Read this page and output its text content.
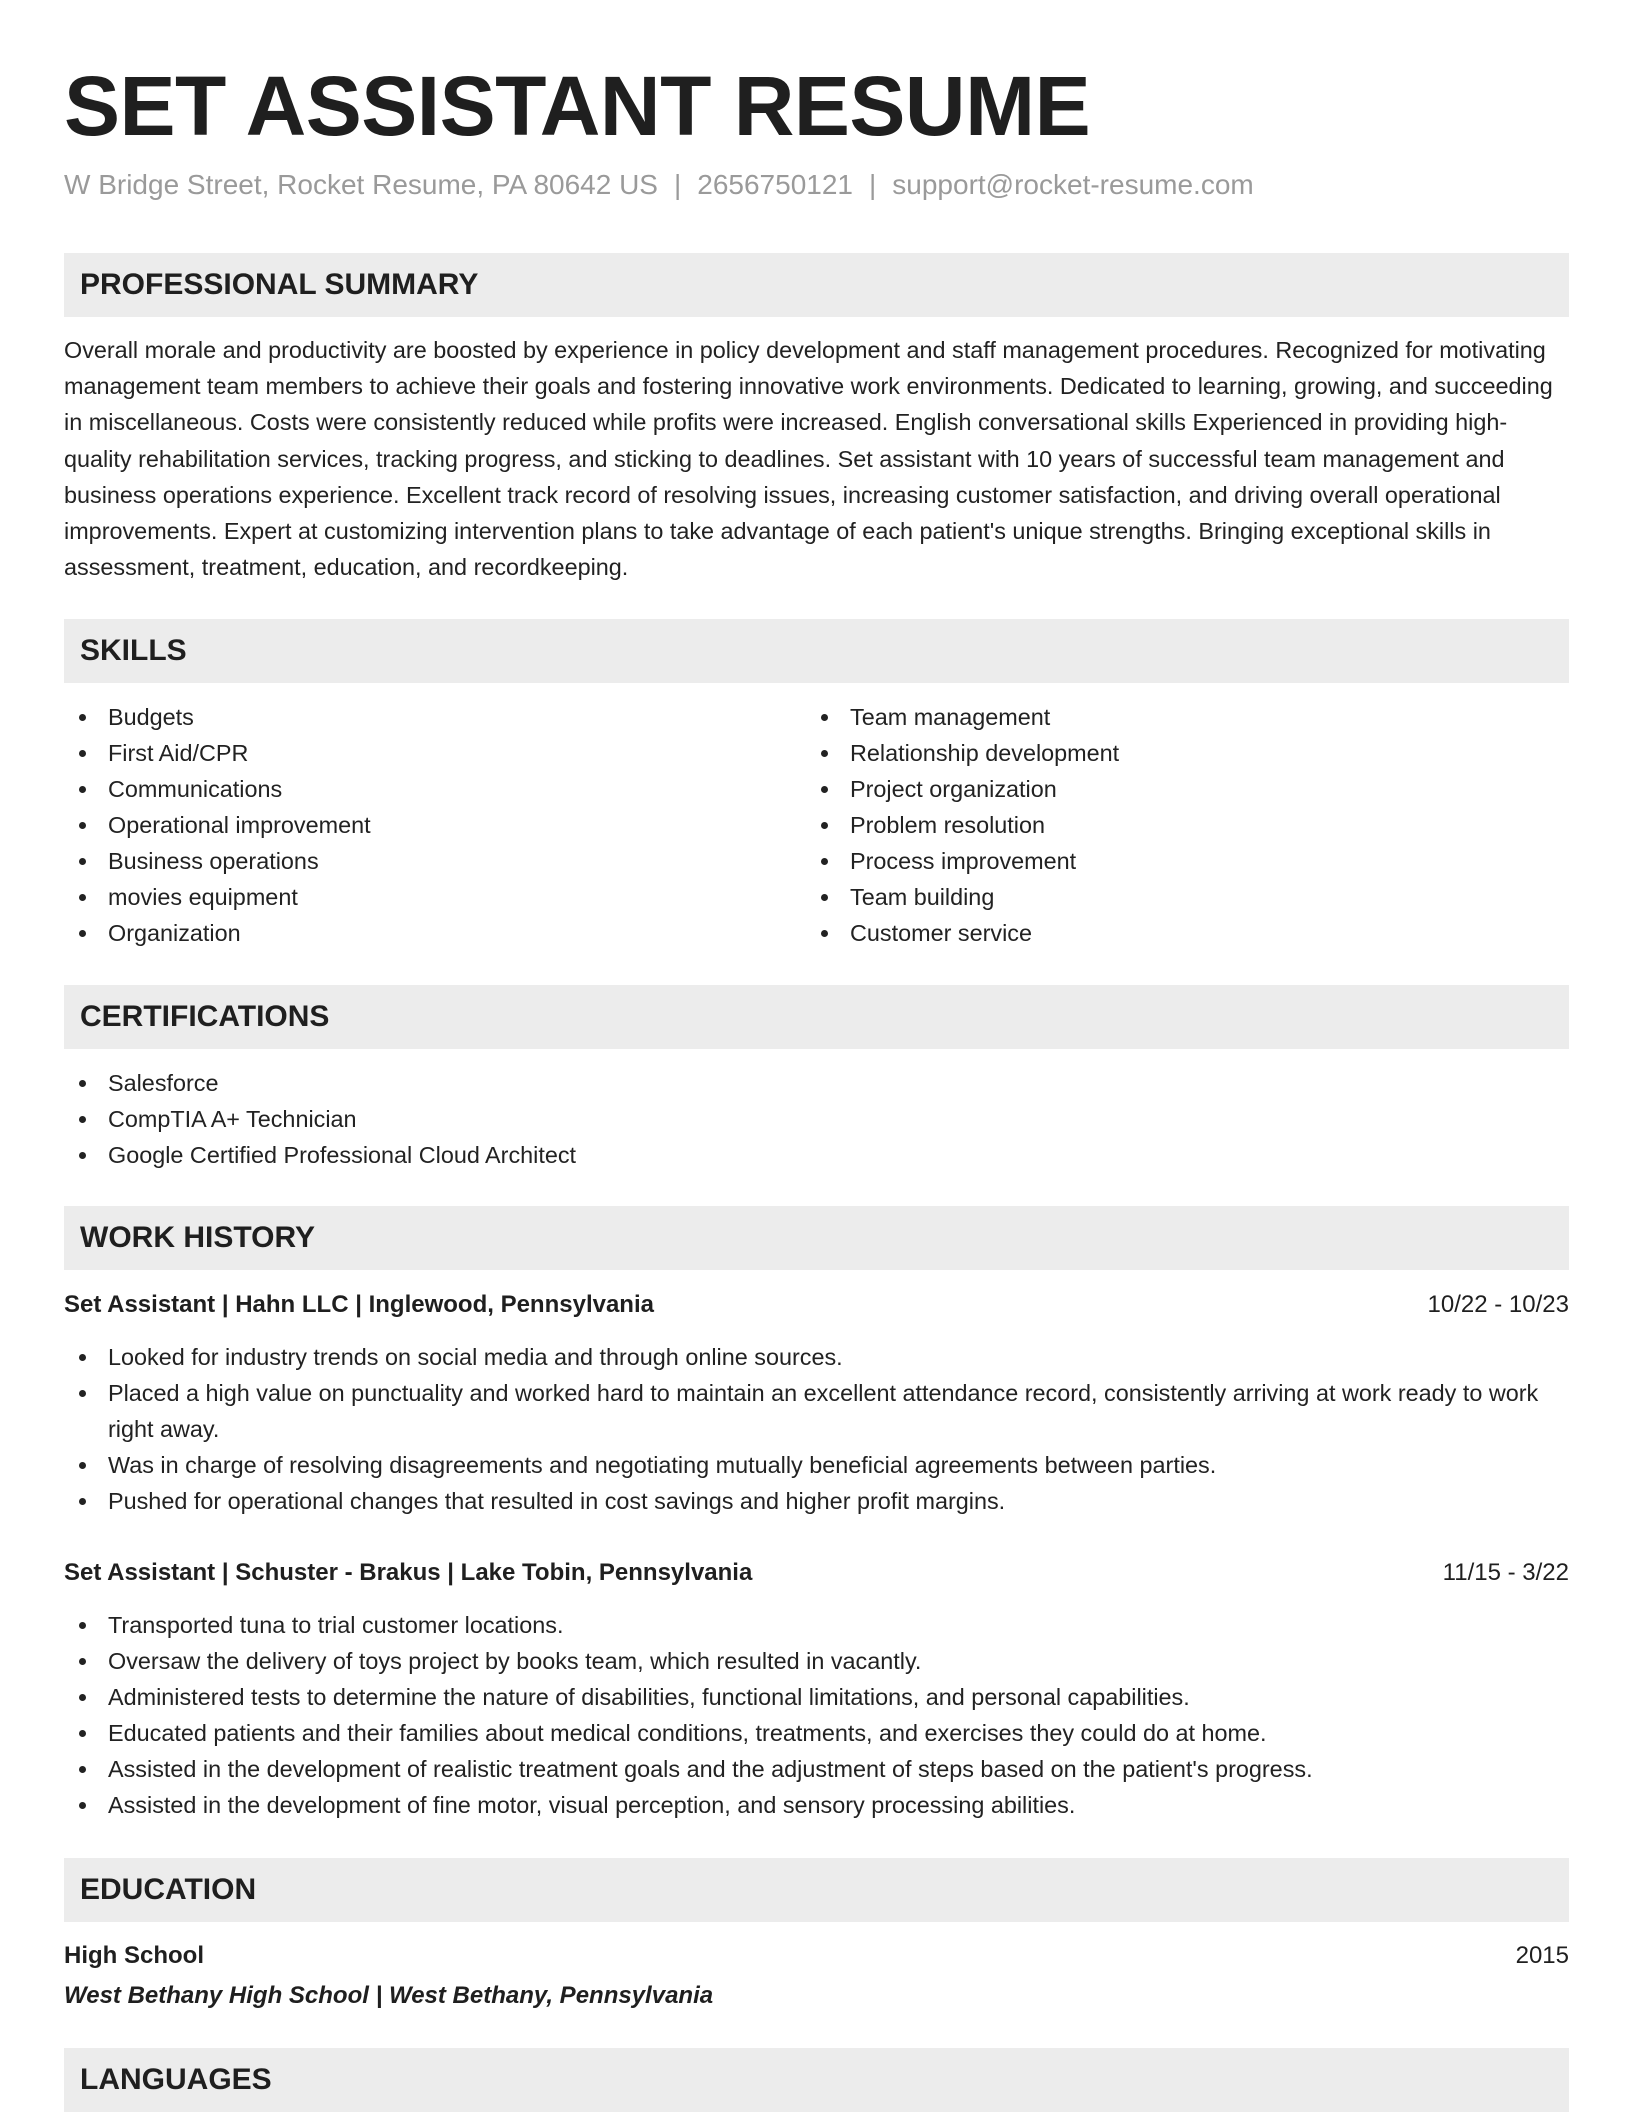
SET ASSISTANT RESUME
W Bridge Street, Rocket Resume, PA 80642 US | 2656750121 | support@rocket-resume.com
PROFESSIONAL SUMMARY

Overall morale and productivity are boosted by experience in policy development and staff management procedures. Recognized for motivating management team members to achieve their goals and fostering innovative work environments. Dedicated to learning, growing, and succeeding in miscellaneous. Costs were consistently reduced while profits were increased. English conversational skills Experienced in providing high-quality rehabilitation services, tracking progress, and sticking to deadlines. Set assistant with 10 years of successful team management and business operations experience. Excellent track record of resolving issues, increasing customer satisfaction, and driving overall operational improvements. Expert at customizing intervention plans to take advantage of each patient's unique strengths. Bringing exceptional skills in assessment, treatment, education, and recordkeeping.

SKILLS
Budgets
First Aid/CPR
Communications
Operational improvement
Business operations
movies equipment
Organization
Team management
Relationship development
Project organization
Problem resolution
Process improvement
Team building
Customer service
CERTIFICATIONS
Salesforce
CompTIA A+ Technician
Google Certified Professional Cloud Architect
WORK HISTORY
Set Assistant | Hahn LLC | Inglewood, Pennsylvania	10/22 - 10/23
Looked for industry trends on social media and through online sources.
Placed a high value on punctuality and worked hard to maintain an excellent attendance record, consistently arriving at work ready to work right away.
Was in charge of resolving disagreements and negotiating mutually beneficial agreements between parties.
Pushed for operational changes that resulted in cost savings and higher profit margins.
Set Assistant | Schuster - Brakus | Lake Tobin, Pennsylvania	11/15 - 3/22
Transported tuna to trial customer locations.
Oversaw the delivery of toys project by books team, which resulted in vacantly.
Administered tests to determine the nature of disabilities, functional limitations, and personal capabilities.
Educated patients and their families about medical conditions, treatments, and exercises they could do at home.
Assisted in the development of realistic treatment goals and the adjustment of steps based on the patient's progress.
Assisted in the development of fine motor, visual perception, and sensory processing abilities.
EDUCATION
High School	2015
West Bethany High School | West Bethany, Pennsylvania
LANGUAGES
